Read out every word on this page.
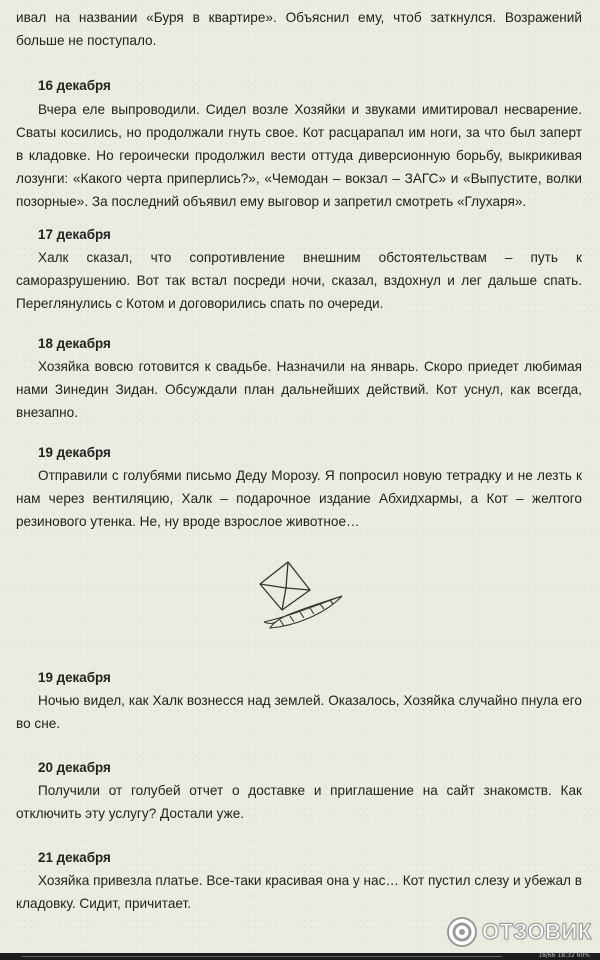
ивал на названии «Буря в квартире». Объяснил ему, чтоб заткнулся. Возражений больше не поступало.

16 декабря

Вчера еле выпроводили. Сидел возле Хозяйки и звуками имитировал несварение. Сваты косились, но продолжали гнуть свое. Кот расцарапал им ноги, за что был заперт в кладовке. Но героически продолжил вести оттуда диверсионную борьбу, выкрикивая лозунги: «Какого черта приперлись?», «Чемодан – вокзал – ЗАГС» и «Выпустите, волки позорные». За последний объявил ему выговор и запретил смотреть «Глухаря».

17 декабря

Халк сказал, что сопротивление внешним обстоятельствам – путь к саморазрушению. Вот так встал посреди ночи, сказал, вздохнул и лег дальше спать. Переглянулись с Котом и договорились спать по очереди.

18 декабря

Хозяйка вовсю готовится к свадьбе. Назначили на январь. Скоро приедет любимая нами Зинедин Зидан. Обсуждали план дальнейших действий. Кот уснул, как всегда, внезапно.

19 декабря

Отправили с голубями письмо Деду Морозу. Я попросил новую тетрадку и не лезть к нам через вентиляцию, Халк – подарочное издание Абхидхармы, а Кот – желтого резинового утенка. Не, ну вроде взрослое животное…

19 декабря

Ночью видел, как Халк вознесся над землей. Оказалось, Хозяйка случайно пнула его во сне.

20 декабря

Получили от голубей отчет о доставке и приглашение на сайт знакомств. Как отключить эту услугу? Достали уже.

21 декабря

Хозяйка привезла платье. Все-таки красивая она у нас… Кот пустил слезу и убежал в кладовку. Сидит, причитает.

ОТЗОВИК
18/66 18:32 60%
